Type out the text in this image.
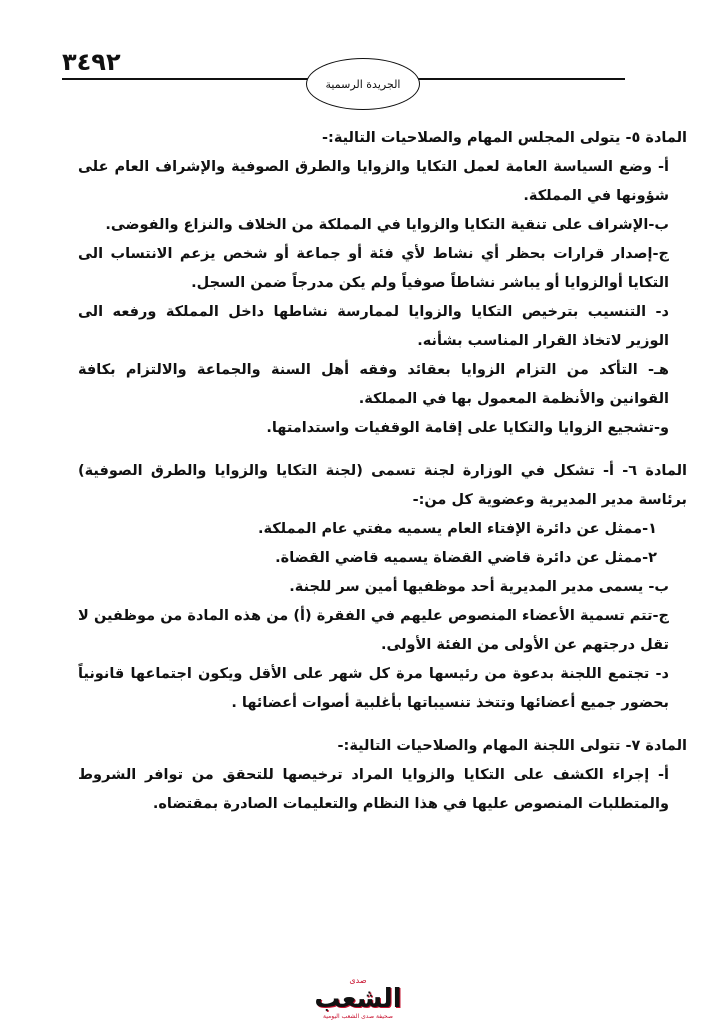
٣٤٩٢
الجريدة الرسمية

المادة ٥- يتولى المجلس المهام والصلاحيات التالية:-

أ- وضع السياسة العامة لعمل التكايا والزوايا والطرق الصوفية والإشراف العام على شؤونها في المملكة.
ب-الإشراف على تنقية التكايا والزوايا في المملكة من الخلاف والنزاع والفوضى.
ج-إصدار قرارات بحظر أي نشاط لأي فئة أو جماعة أو شخص يزعم الانتساب الى التكايا أوالزوايا أو يباشر نشاطاً صوفياً ولم يكن مدرجاً ضمن السجل.
د- التنسيب بترخيص التكايا والزوايا لممارسة نشاطها داخل المملكة ورفعه الى الوزير لاتخاذ القرار المناسب بشأنه.
هـ- التأكد من التزام الزوايا بعقائد وفقه أهل السنة والجماعة والالتزام بكافة القوانين والأنظمة المعمول بها في المملكة.
و-تشجيع الزوايا والتكايا على إقامة الوقفيات واستدامتها.

المادة ٦- أ- تشكل في الوزارة لجنة تسمى (لجنة التكايا والزوايا والطرق الصوفية) برئاسة مدير المديرية وعضوية كل من:-

١-ممثل عن دائرة الإفتاء العام يسميه مفتي عام المملكة.
٢-ممثل عن دائرة قاضي القضاة يسميه قاضي القضاة.
ب- يسمى مدير المديرية أحد موظفيها أمين سر للجنة.
ج-تتم تسمية الأعضاء المنصوص عليهم في الفقرة (أ) من هذه المادة من موظفين لا تقل درجتهم عن الأولى من الفئة الأولى.
د- تجتمع اللجنة بدعوة من رئيسها مرة كل شهر على الأقل ويكون اجتماعها قانونياً بحضور جميع أعضائها وتتخذ تنسيباتها بأغلبية أصوات أعضائها .

المادة ٧- تتولى اللجنة المهام والصلاحيات التالية:-

أ- إجراء الكشف على التكايا والزوايا المراد ترخيصها للتحقق من توافر الشروط والمتطلبات المنصوص عليها في هذا النظام والتعليمات الصادرة بمقتضاه.
صدى
الشعب
صحيفة صدى الشعب اليومية
